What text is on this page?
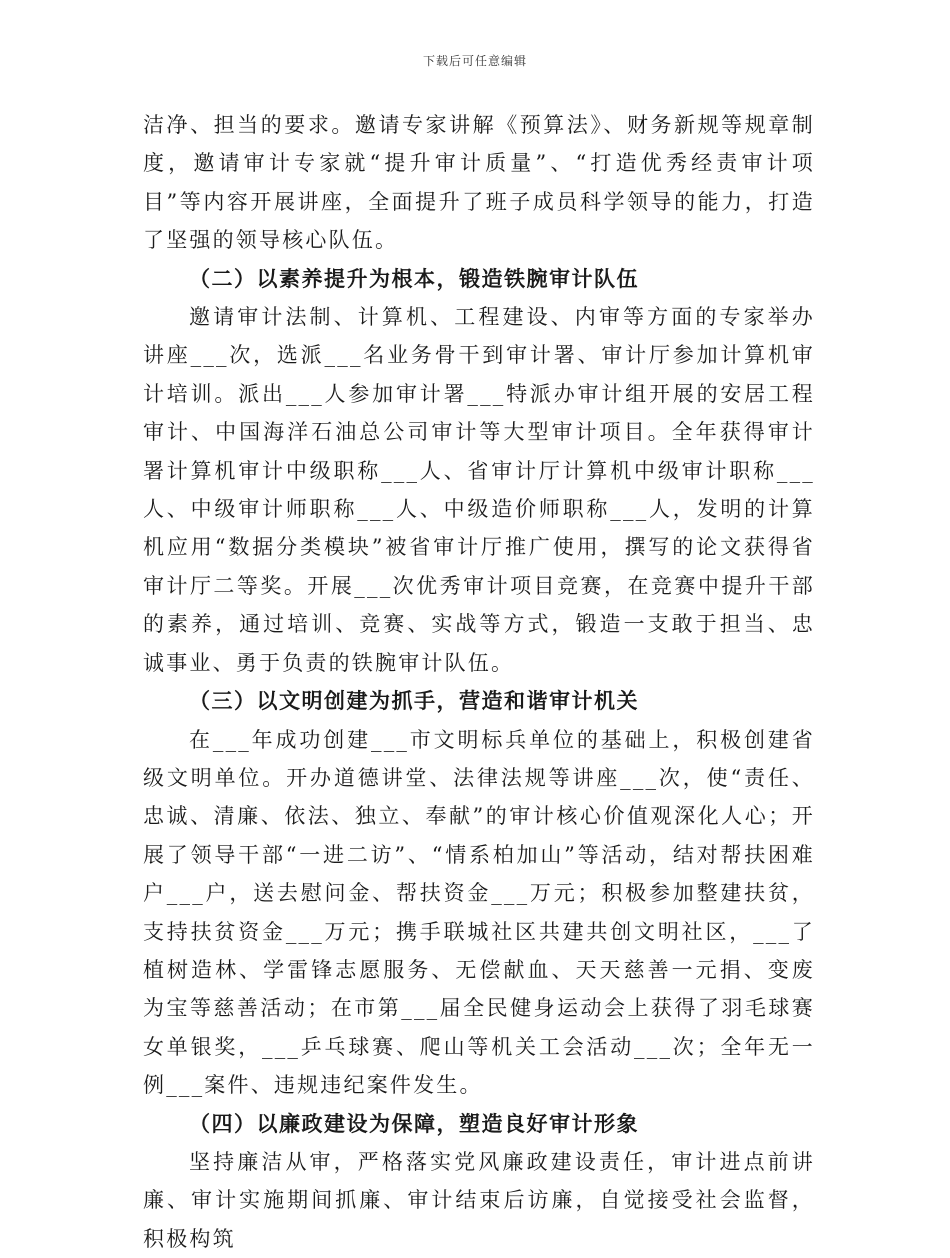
下载后可任意编辑

洁净、担当的要求。邀请专家讲解《预算法》、财务新规等规章制度，邀请审计专家就“提升审计质量”、“打造优秀经责审计项目”等内容开展讲座，全面提升了班子成员科学领导的能力，打造了坚强的领导核心队伍。

（二）以素养提升为根本，锻造铁腕审计队伍

邀请审计法制、计算机、工程建设、内审等方面的专家举办讲座___次，选派___名业务骨干到审计署、审计厅参加计算机审计培训。派出___人参加审计署___特派办审计组开展的安居工程审计、中国海洋石油总公司审计等大型审计项目。全年获得审计署计算机审计中级职称___人、省审计厅计算机中级审计职称___人、中级审计师职称___人、中级造价师职称___人，发明的计算机应用“数据分类模块”被省审计厅推广使用，撰写的论文获得省审计厅二等奖。开展___次优秀审计项目竞赛，在竞赛中提升干部的素养，通过培训、竞赛、实战等方式，锻造一支敢于担当、忠诚事业、勇于负责的铁腕审计队伍。

（三）以文明创建为抓手，营造和谐审计机关

在___年成功创建___市文明标兵单位的基础上，积极创建省级文明单位。开办道德讲堂、法律法规等讲座___次，使“责任、忠诚、清廉、依法、独立、奉献”的审计核心价值观深化人心；开展了领导干部“一进二访”、“情系柏加山”等活动，结对帮扶困难户___户，送去慰问金、帮扶资金___万元；积极参加整建扶贫，支持扶贫资金___万元；携手联城社区共建共创文明社区，___了植树造林、学雷锋志愿服务、无偿献血、天天慈善一元捐、变废为宝等慈善活动；在市第___届全民健身运动会上获得了羽毛球赛女单银奖，___乒乓球赛、爬山等机关工会活动___次；全年无一例___案件、违规违纪案件发生。

（四）以廉政建设为保障，塑造良好审计形象

坚持廉洁从审，严格落实党风廉政建设责任，审计进点前讲廉、审计实施期间抓廉、审计结束后访廉，自觉接受社会监督，积极构筑
